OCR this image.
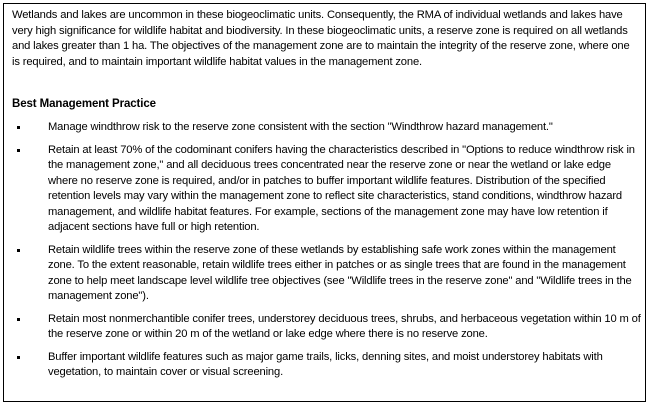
Wetlands and lakes are uncommon in these biogeoclimatic units. Consequently, the RMA of individual wetlands and lakes have very high significance for wildlife habitat and biodiversity. In these biogeoclimatic units, a reserve zone is required on all wetlands and lakes greater than 1 ha. The objectives of the management zone are to maintain the integrity of the reserve zone, where one is required, and to maintain important wildlife habitat values in the management zone.

Best Management Practice
Manage windthrow risk to the reserve zone consistent with the section "Windthrow hazard management."
Retain at least 70% of the codominant conifers having the characteristics described in "Options to reduce windthrow risk in the management zone," and all deciduous trees concentrated near the reserve zone or near the wetland or lake edge where no reserve zone is required, and/or in patches to buffer important wildlife features. Distribution of the specified retention levels may vary within the management zone to reflect site characteristics, stand conditions, windthrow hazard management, and wildlife habitat features. For example, sections of the management zone may have low retention if adjacent sections have full or high retention.
Retain wildlife trees within the reserve zone of these wetlands by establishing safe work zones within the management zone. To the extent reasonable, retain wildlife trees either in patches or as single trees that are found in the management zone to help meet landscape level wildlife tree objectives (see "Wildlife trees in the reserve zone" and "Wildlife trees in the management zone").
Retain most nonmerchantible conifer trees, understorey deciduous trees, shrubs, and herbaceous vegetation within 10 m of the reserve zone or within 20 m of the wetland or lake edge where there is no reserve zone.
Buffer important wildlife features such as major game trails, licks, denning sites, and moist understorey habitats with vegetation, to maintain cover or visual screening.
